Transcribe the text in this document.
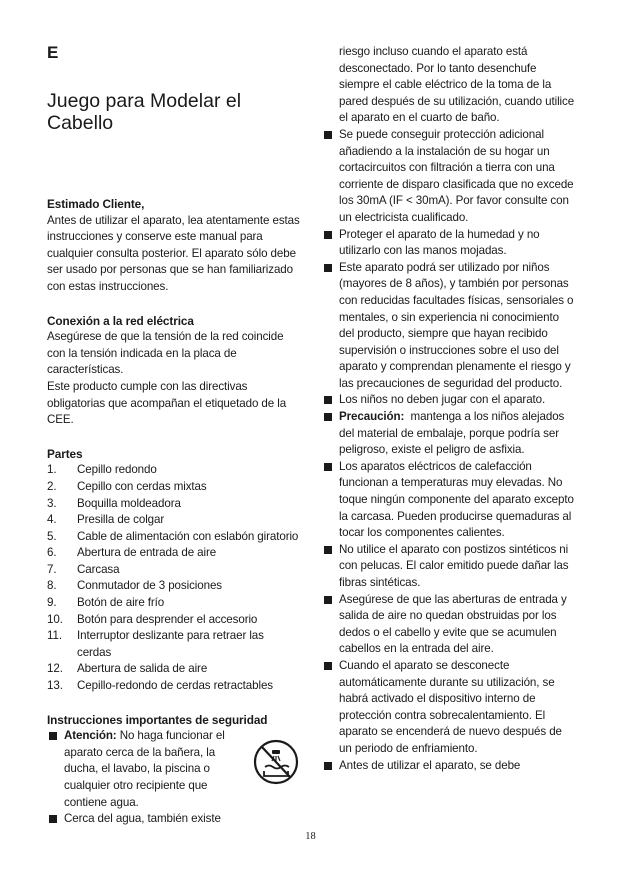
E
Juego para Modelar el
Cabello
Estimado Cliente,

Antes de utilizar el aparato, lea atentamente estas instrucciones y conserve este manual para cualquier consulta posterior. El aparato sólo debe ser usado por personas que se han familiarizado con estas instrucciones.

Conexión a la red eléctrica

Asegúrese de que la tensión de la red coincide con la tensión indicada en la placa de características.

Este producto cumple con las directivas obligatorias que acompañan el etiquetado de la CEE.

Partes
1.	Cepillo redondo
2.	Cepillo con cerdas mixtas
3.	Boquilla moldeadora
4.	Presilla de colgar
5.	Cable de alimentación con eslabón giratorio
6.	Abertura de entrada de aire
7.	Carcasa
8.	Conmutador de 3 posiciones
9.	Botón de aire frío
10.	Botón para desprender el accesorio
11.	Interruptor deslizante para retraer las cerdas
12.	Abertura de salida de aire
13.	Cepillo-redondo de cerdas retractables
Instrucciones importantes de seguridad
Atención: No haga funcionar el aparato cerca de la bañera, la ducha, el lavabo, la piscina o cualquier otro recipiente que contiene agua.
Cerca del agua, también existe
riesgo incluso cuando el aparato está desconectado. Por lo tanto desenchufe siempre el cable eléctrico de la toma de la pared después de su utilización, cuando utilice el aparato en el cuarto de baño.
Se puede conseguir protección adicional añadiendo a la instalación de su hogar un cortacircuitos con filtración a tierra con una corriente de disparo clasificada que no excede los 30mA (IF < 30mA). Por favor consulte con un electricista cualificado.
Proteger el aparato de la humedad y no utilizarlo con las manos mojadas.
Este aparato podrá ser utilizado por niños (mayores de 8 años), y también por personas con reducidas facultades físicas, sensoriales o mentales, o sin experiencia ni conocimiento del producto, siempre que hayan recibido supervisión o instrucciones sobre el uso del aparato y comprendan plenamente el riesgo y las precauciones de seguridad del producto.
Los niños no deben jugar con el aparato.
Precaución: mantenga a los niños alejados del material de embalaje, porque podría ser peligroso, existe el peligro de asfixia.
Los aparatos eléctricos de calefacción funcionan a temperaturas muy elevadas. No toque ningún componente del aparato excepto la carcasa. Pueden producirse quemaduras al tocar los componentes calientes.
No utilice el aparato con postizos sintéticos ni con pelucas. El calor emitido puede dañar las fibras sintéticas.
Asegúrese de que las aberturas de entrada y salida de aire no quedan obstruidas por los dedos o el cabello y evite que se acumulen cabellos en la entrada del aire.
Cuando el aparato se desconecte automáticamente durante su utilización, se habrá activado el dispositivo interno de protección contra sobrecalentamiento. El aparato se encenderá de nuevo después de un periodo de enfriamiento.
Antes de utilizar el aparato, se debe
18
